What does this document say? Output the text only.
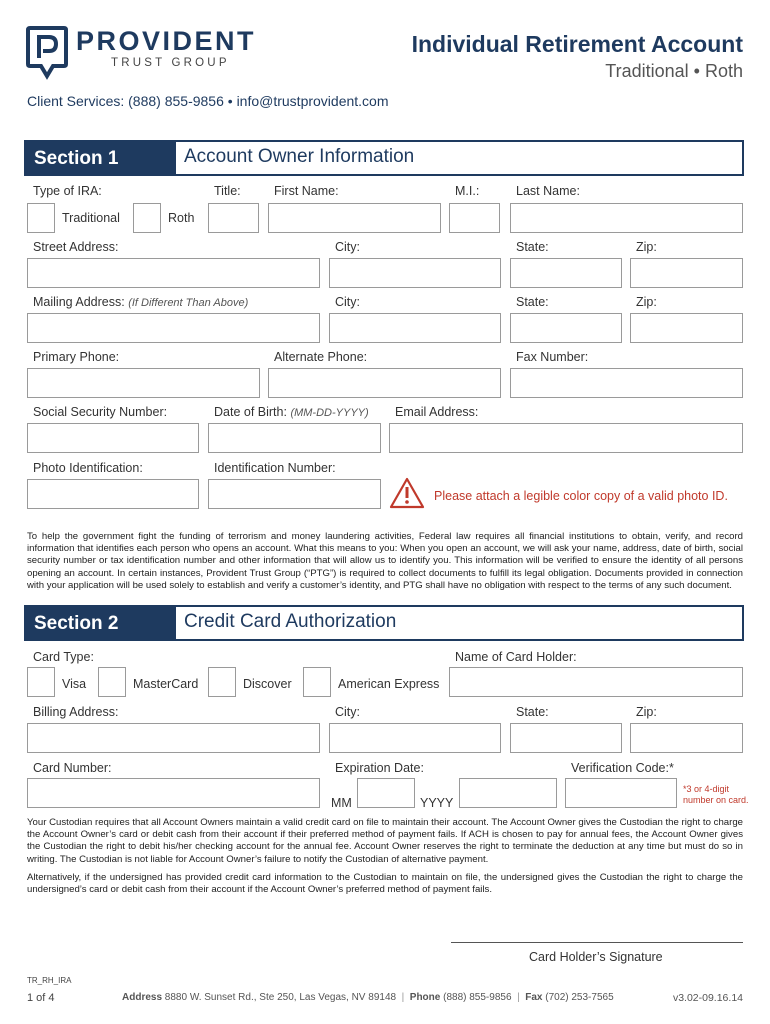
PROVIDENT
TRUST GROUP
Individual Retirement Account
Traditional • Roth
Client Services: (888) 855-9856 • info@trustprovident.com
Section 1	Account Owner Information
Type of IRA:	Title:	First Name:	M.I.:	Last Name:
Traditional	Roth
Street Address:	City:	State:	Zip:
Mailing Address: (If Different Than Above)	City:	State:	Zip:
Primary Phone:	Alternate Phone:	Fax Number:
Social Security Number:	Date of Birth: (MM-DD-YYYY) Email Address:
Photo Identification:	Identification Number:
Please attach a legible color copy of a valid photo ID.
To help the government fight the funding of terrorism and money laundering activities, Federal law requires all financial institutions to obtain, verify, and record information that identifies each person who opens an account. What this means to you: When you open an account, we will ask your name, address, date of birth, social security number or tax identification number and other information that will allow us to identify you. This information will be verified to ensure the identity of all persons opening an account. In certain instances, Provident Trust Group (“PTG”) is required to collect documents to fulfill its legal obligation. Documents provided in connection with your application will be used solely to establish and verify a customer’s identity, and PTG shall have no obligation with respect to the terms of any such document.
Section 2	Credit Card Authorization
Card Type:	Name of Card Holder:
Visa	MasterCard	Discover	American Express
Billing Address:	City:	State:	Zip:
Card Number:	Expiration Date:	Verification Code:*
MM	YYYY
*3 or 4-digit
number on card.
Your Custodian requires that all Account Owners maintain a valid credit card on file to maintain their account. The Account Owner gives the Custodian the right to charge the Account Owner’s card or debit cash from their account if their preferred method of payment fails. If ACH is chosen to pay for annual fees, the Account Owner gives the Custodian the right to debit his/her checking account for the annual fee. Account Owner reserves the right to terminate the deduction at any time but must do so in writing. The Custodian is not liable for Account Owner’s failure to notify the Custodian of alternative payment.
Alternatively, if the undersigned has provided credit card information to the Custodian to maintain on file, the undersigned gives the Custodian the right to charge the undersigned’s card or debit cash from their account if the Account Owner’s preferred method of payment fails.
Card Holder’s Signature
TR_RH_IRA
1 of 4	Address 8880 W. Sunset Rd., Ste 250, Las Vegas, NV 89148  |  Phone (888) 855-9856  |  Fax (702) 253-7565	v3.02-09.16.14
